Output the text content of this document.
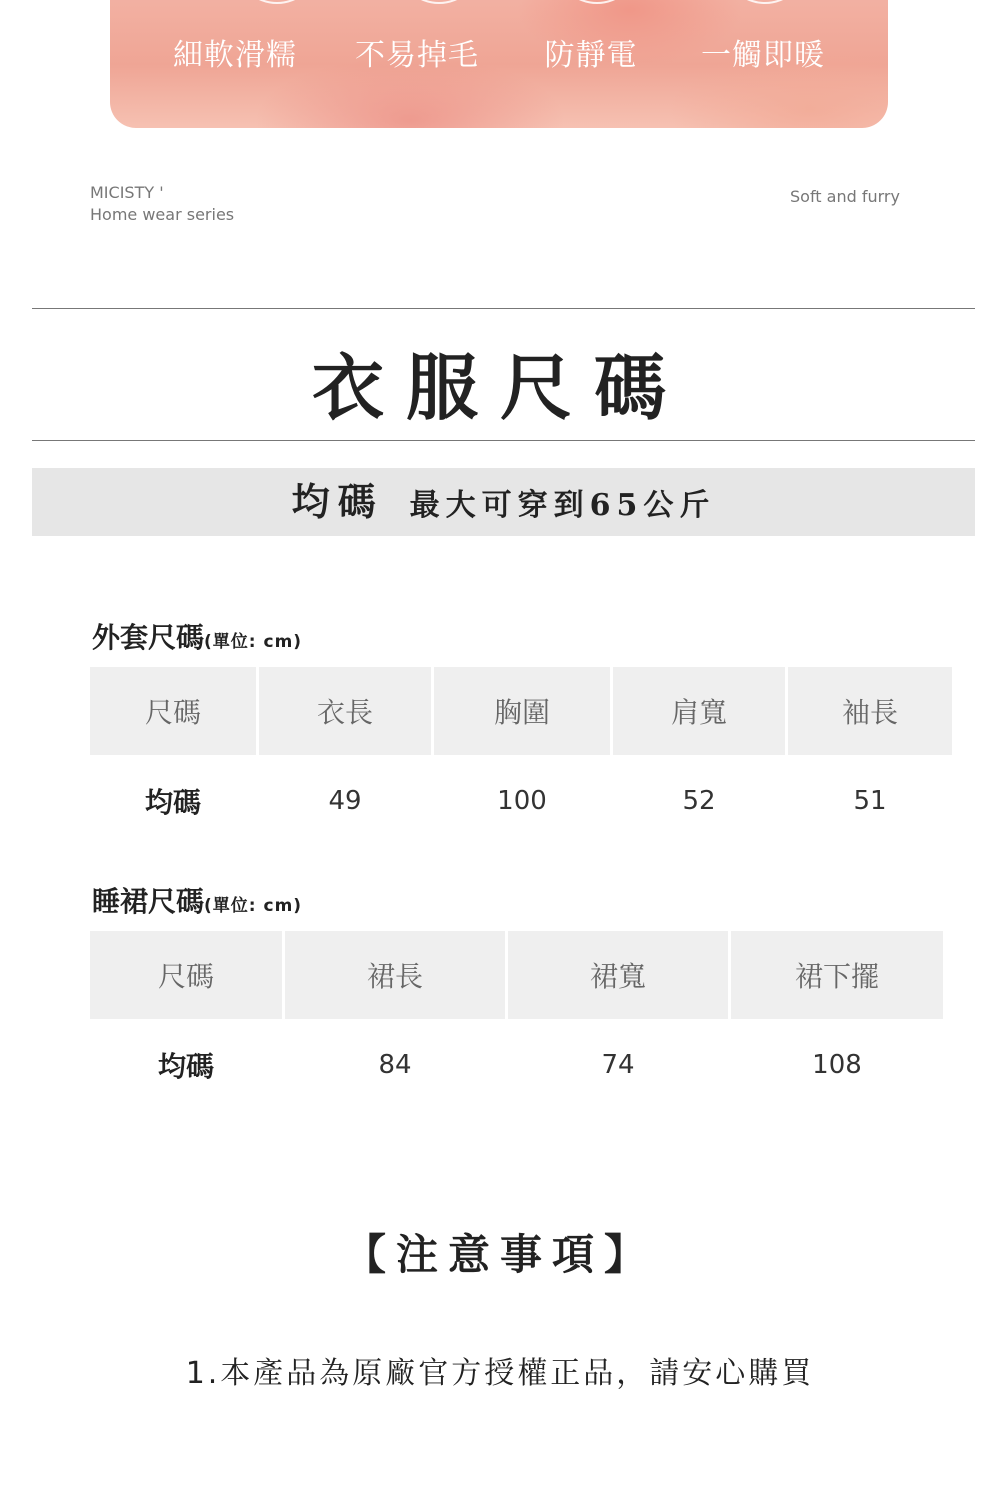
細軟滑糯	不易掉毛	防靜電	一觸即暖
MICISTY '
Home wear series
Soft and furry
衣服尺碼
均碼 最大可穿到65公斤
外套尺碼(單位: cm)
尺碼	衣長	胸圍	肩寬	袖長
均碼	49	100	52	51
睡裙尺碼(單位: cm)
尺碼	裙長	裙寬	裙下擺
均碼	84	74	108
【注意事項】
1.本產品為原廠官方授權正品，請安心購買
